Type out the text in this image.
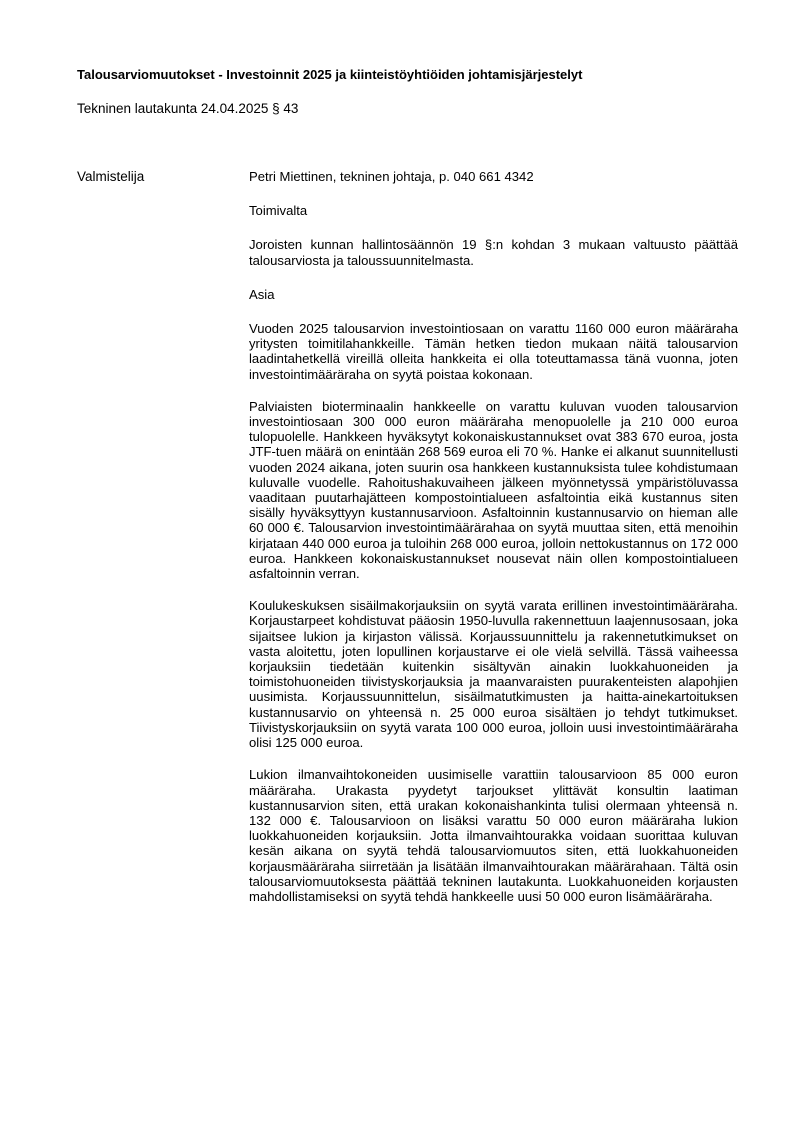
Talousarviomuutokset - Investoinnit 2025 ja kiinteistöyhtiöiden johtamisjärjestelyt
Tekninen lautakunta 24.04.2025 § 43
Valmistelija	Petri Miettinen, tekninen johtaja, p. 040 661 4342

Toimivalta

Joroisten kunnan hallintosäännön 19 §:n kohdan 3 mukaan valtuusto päättää talousarviosta ja taloussuunnitelmasta.

Asia

Vuoden 2025 talousarvion investointiosaan on varattu 1160 000 euron määräraha yritysten toimitilahankkeille. Tämän hetken tiedon mukaan näitä talousarvion laadintahetkellä vireillä olleita hankkeita ei olla toteuttamassa tänä vuonna, joten investointimääräraha on syytä poistaa kokonaan.

Palviaisten bioterminaalin hankkeelle on varattu kuluvan vuoden talousarvion investointiosaan 300 000 euron määräraha menopuolelle ja 210 000 euroa tulopuolelle. Hankkeen hyväksytyt kokonaiskustannukset ovat 383 670 euroa, josta JTF-tuen määrä on enintään 268 569 euroa eli 70 %. Hanke ei alkanut suunnitellusti vuoden 2024 aikana, joten suurin osa hankkeen kustannuksista tulee kohdistumaan kuluvalle vuodelle. Rahoitushakuvaiheen jälkeen myönnetyssä ympäristöluvassa vaaditaan puutarhajätteen kompostointialueen asfaltointia eikä kustannus siten sisälly hyväksyttyyn kustannusarvioon. Asfaltoinnin kustannusarvio on hieman alle 60 000 €. Talousarvion investointimäärärahaa on syytä muuttaa siten, että menoihin kirjataan 440 000 euroa ja tuloihin 268 000 euroa, jolloin nettokustannus on 172 000 euroa. Hankkeen kokonaiskustannukset nousevat näin ollen kompostointialueen asfaltoinnin verran.

Koulukeskuksen sisäilmakorjauksiin on syytä varata erillinen investointimääräraha. Korjaustarpeet kohdistuvat pääosin 1950-luvulla rakennettuun laajennusosaan, joka sijaitsee lukion ja kirjaston välissä. Korjaussuunnittelu ja rakennetutkimukset on vasta aloitettu, joten lopullinen korjaustarve ei ole vielä selvillä. Tässä vaiheessa korjauksiin tiedetään kuitenkin sisältyvän ainakin luokkahuoneiden ja toimistohuoneiden tiivistyskorjauksia ja maanvaraisten puurakenteisten alapohjien uusimista. Korjaussuunnittelun, sisäilmatutkimusten ja haitta-ainekartoituksen kustannusarvio on yhteensä n. 25 000 euroa sisältäen jo tehdyt tutkimukset. Tiivistyskorjauksiin on syytä varata 100 000 euroa, jolloin uusi investointimääräraha olisi 125 000 euroa.

Lukion ilmanvaihtokoneiden uusimiselle varattiin talousarvioon 85 000 euron määräraha. Urakasta pyydetyt tarjoukset ylittävät konsultin laatiman kustannusarvion siten, että urakan kokonaishankinta tulisi olermaan yhteensä n. 132 000 €. Talousarvioon on lisäksi varattu 50 000 euron määräraha lukion luokkahuoneiden korjauksiin. Jotta ilmanvaihtourakka voidaan suorittaa kuluvan kesän aikana on syytä tehdä talousarviomuutos siten, että luokkahuoneiden korjausmääräraha siirretään ja lisätään ilmanvaihtourakan määrärahaan. Tältä osin talousarviomuutoksesta päättää tekninen lautakunta. Luokkahuoneiden korjausten mahdollistamiseksi on syytä tehdä hankkeelle uusi 50 000 euron lisämääräraha.
